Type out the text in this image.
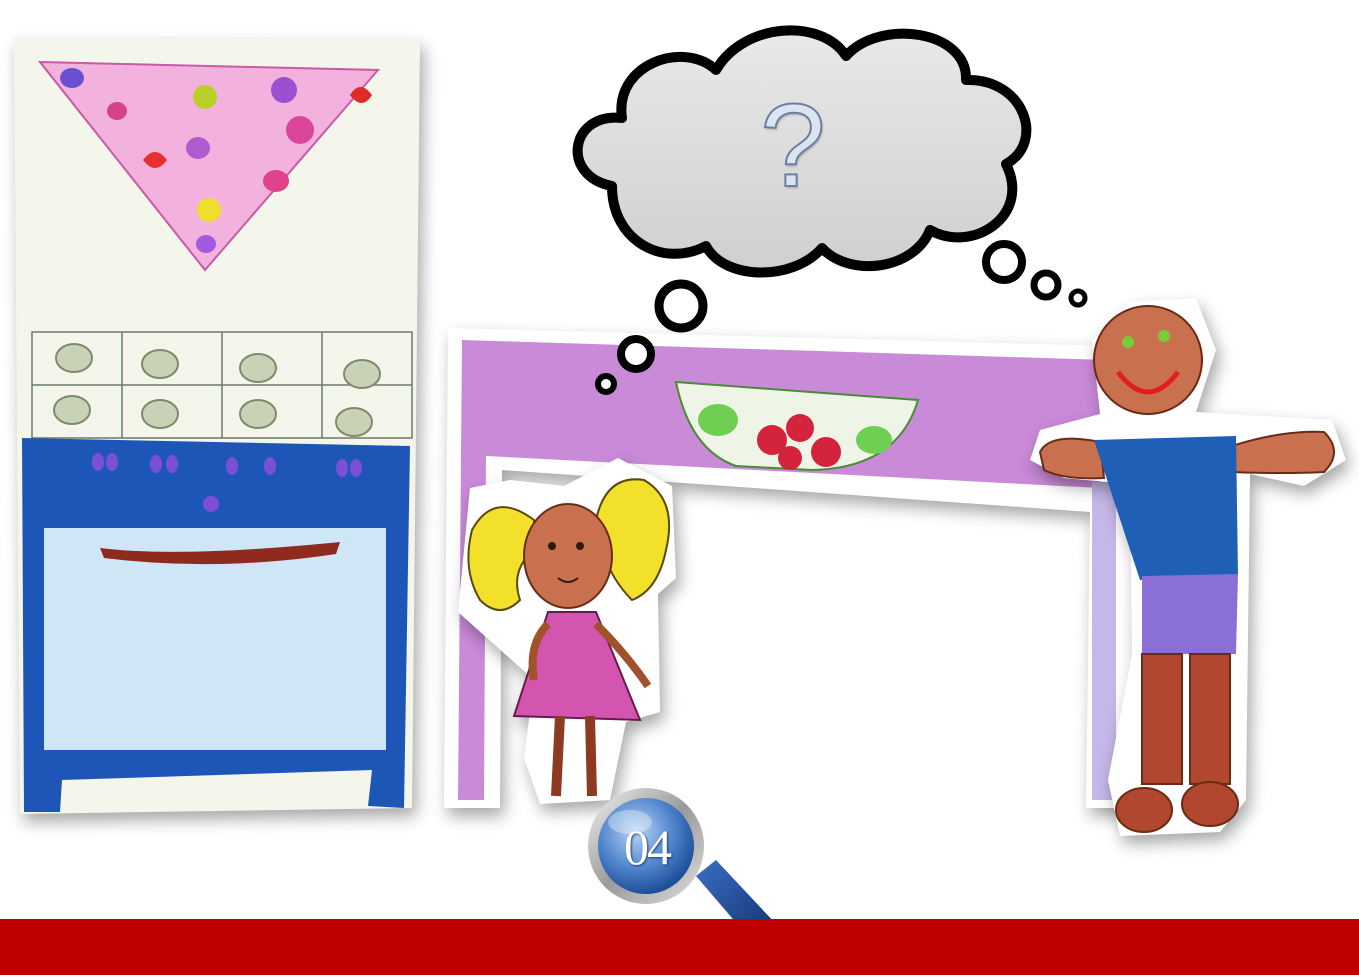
?
04
